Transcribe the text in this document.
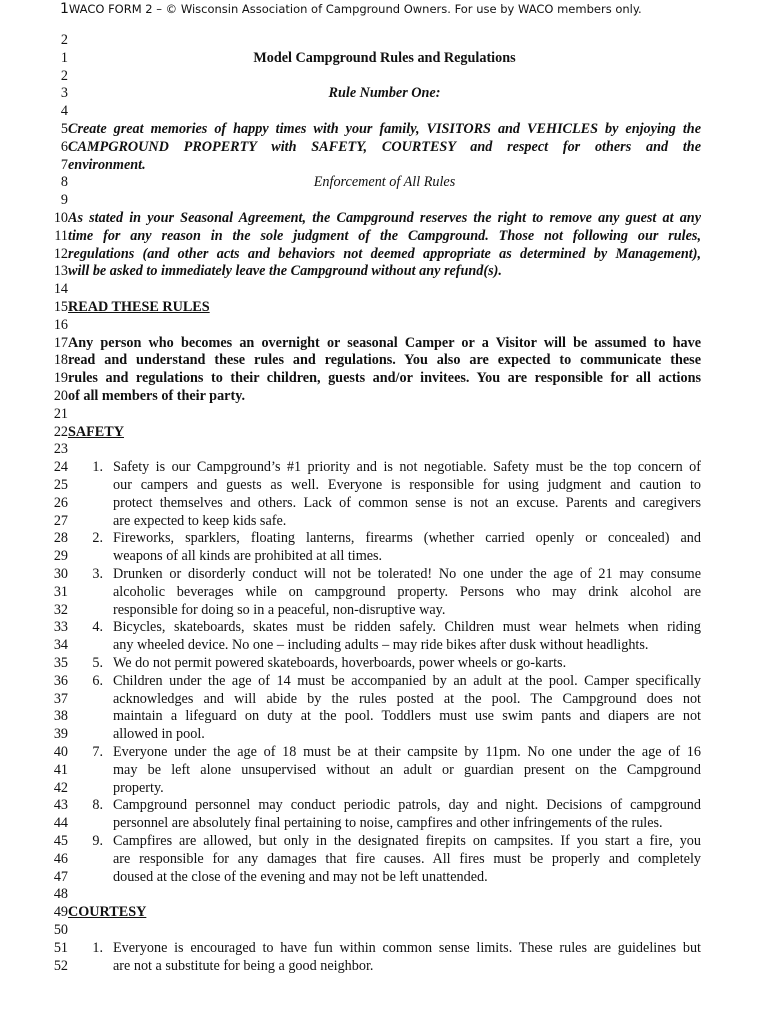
1WACO FORM 2 – © Wisconsin Association of Campground Owners. For use by WACO members only.
2
1	Model Campground Rules and Regulations
2
3	Rule Number One:
4
5 Create great memories of happy times with your family, VISITORS and VEHICLES by enjoying the
6 CAMPGROUND PROPERTY with SAFETY, COURTESY and respect for others and the
7 environment.
8	Enforcement of All Rules
9
10 As stated in your Seasonal Agreement, the Campground reserves the right to remove any guest at any
11 time for any reason in the sole judgment of the Campground. Those not following our rules,
12 regulations (and other acts and behaviors not deemed appropriate as determined by Management),
13 will be asked to immediately leave the Campground without any refund(s).
14
15 READ THESE RULES
16
17 Any person who becomes an overnight or seasonal Camper or a Visitor will be assumed to have
18 read and understand these rules and regulations. You also are expected to communicate these
19 rules and regulations to their children, guests and/or invitees. You are responsible for all actions
20 of all members of their party.
21
22 SAFETY
23
24	1. Safety is our Campground’s #1 priority and is not negotiable. Safety must be the top concern of
25	our campers and guests as well. Everyone is responsible for using judgment and caution to
26	protect themselves and others. Lack of common sense is not an excuse. Parents and caregivers
27	are expected to keep kids safe.
28	2. Fireworks, sparklers, floating lanterns, firearms (whether carried openly or concealed) and
29	weapons of all kinds are prohibited at all times.
30	3. Drunken or disorderly conduct will not be tolerated! No one under the age of 21 may consume
31	alcoholic beverages while on campground property. Persons who may drink alcohol are
32	responsible for doing so in a peaceful, non-disruptive way.
33	4. Bicycles, skateboards, skates must be ridden safely. Children must wear helmets when riding
34	any wheeled device. No one – including adults – may ride bikes after dusk without headlights.
35	5. We do not permit powered skateboards, hoverboards, power wheels or go-karts.
36	6. Children under the age of 14 must be accompanied by an adult at the pool. Camper specifically
37	acknowledges and will abide by the rules posted at the pool. The Campground does not
38	maintain a lifeguard on duty at the pool. Toddlers must use swim pants and diapers are not
39	allowed in pool.
40	7. Everyone under the age of 18 must be at their campsite by 11pm. No one under the age of 16
41	may be left alone unsupervised without an adult or guardian present on the Campground
42	property.
43	8. Campground personnel may conduct periodic patrols, day and night. Decisions of campground
44	personnel are absolutely final pertaining to noise, campfires and other infringements of the rules.
45	9. Campfires are allowed, but only in the designated firepits on campsites. If you start a fire, you
46	are responsible for any damages that fire causes. All fires must be properly and completely
47	doused at the close of the evening and may not be left unattended.
48
49 COURTESY
50
51	1. Everyone is encouraged to have fun within common sense limits. These rules are guidelines but
52	are not a substitute for being a good neighbor.
